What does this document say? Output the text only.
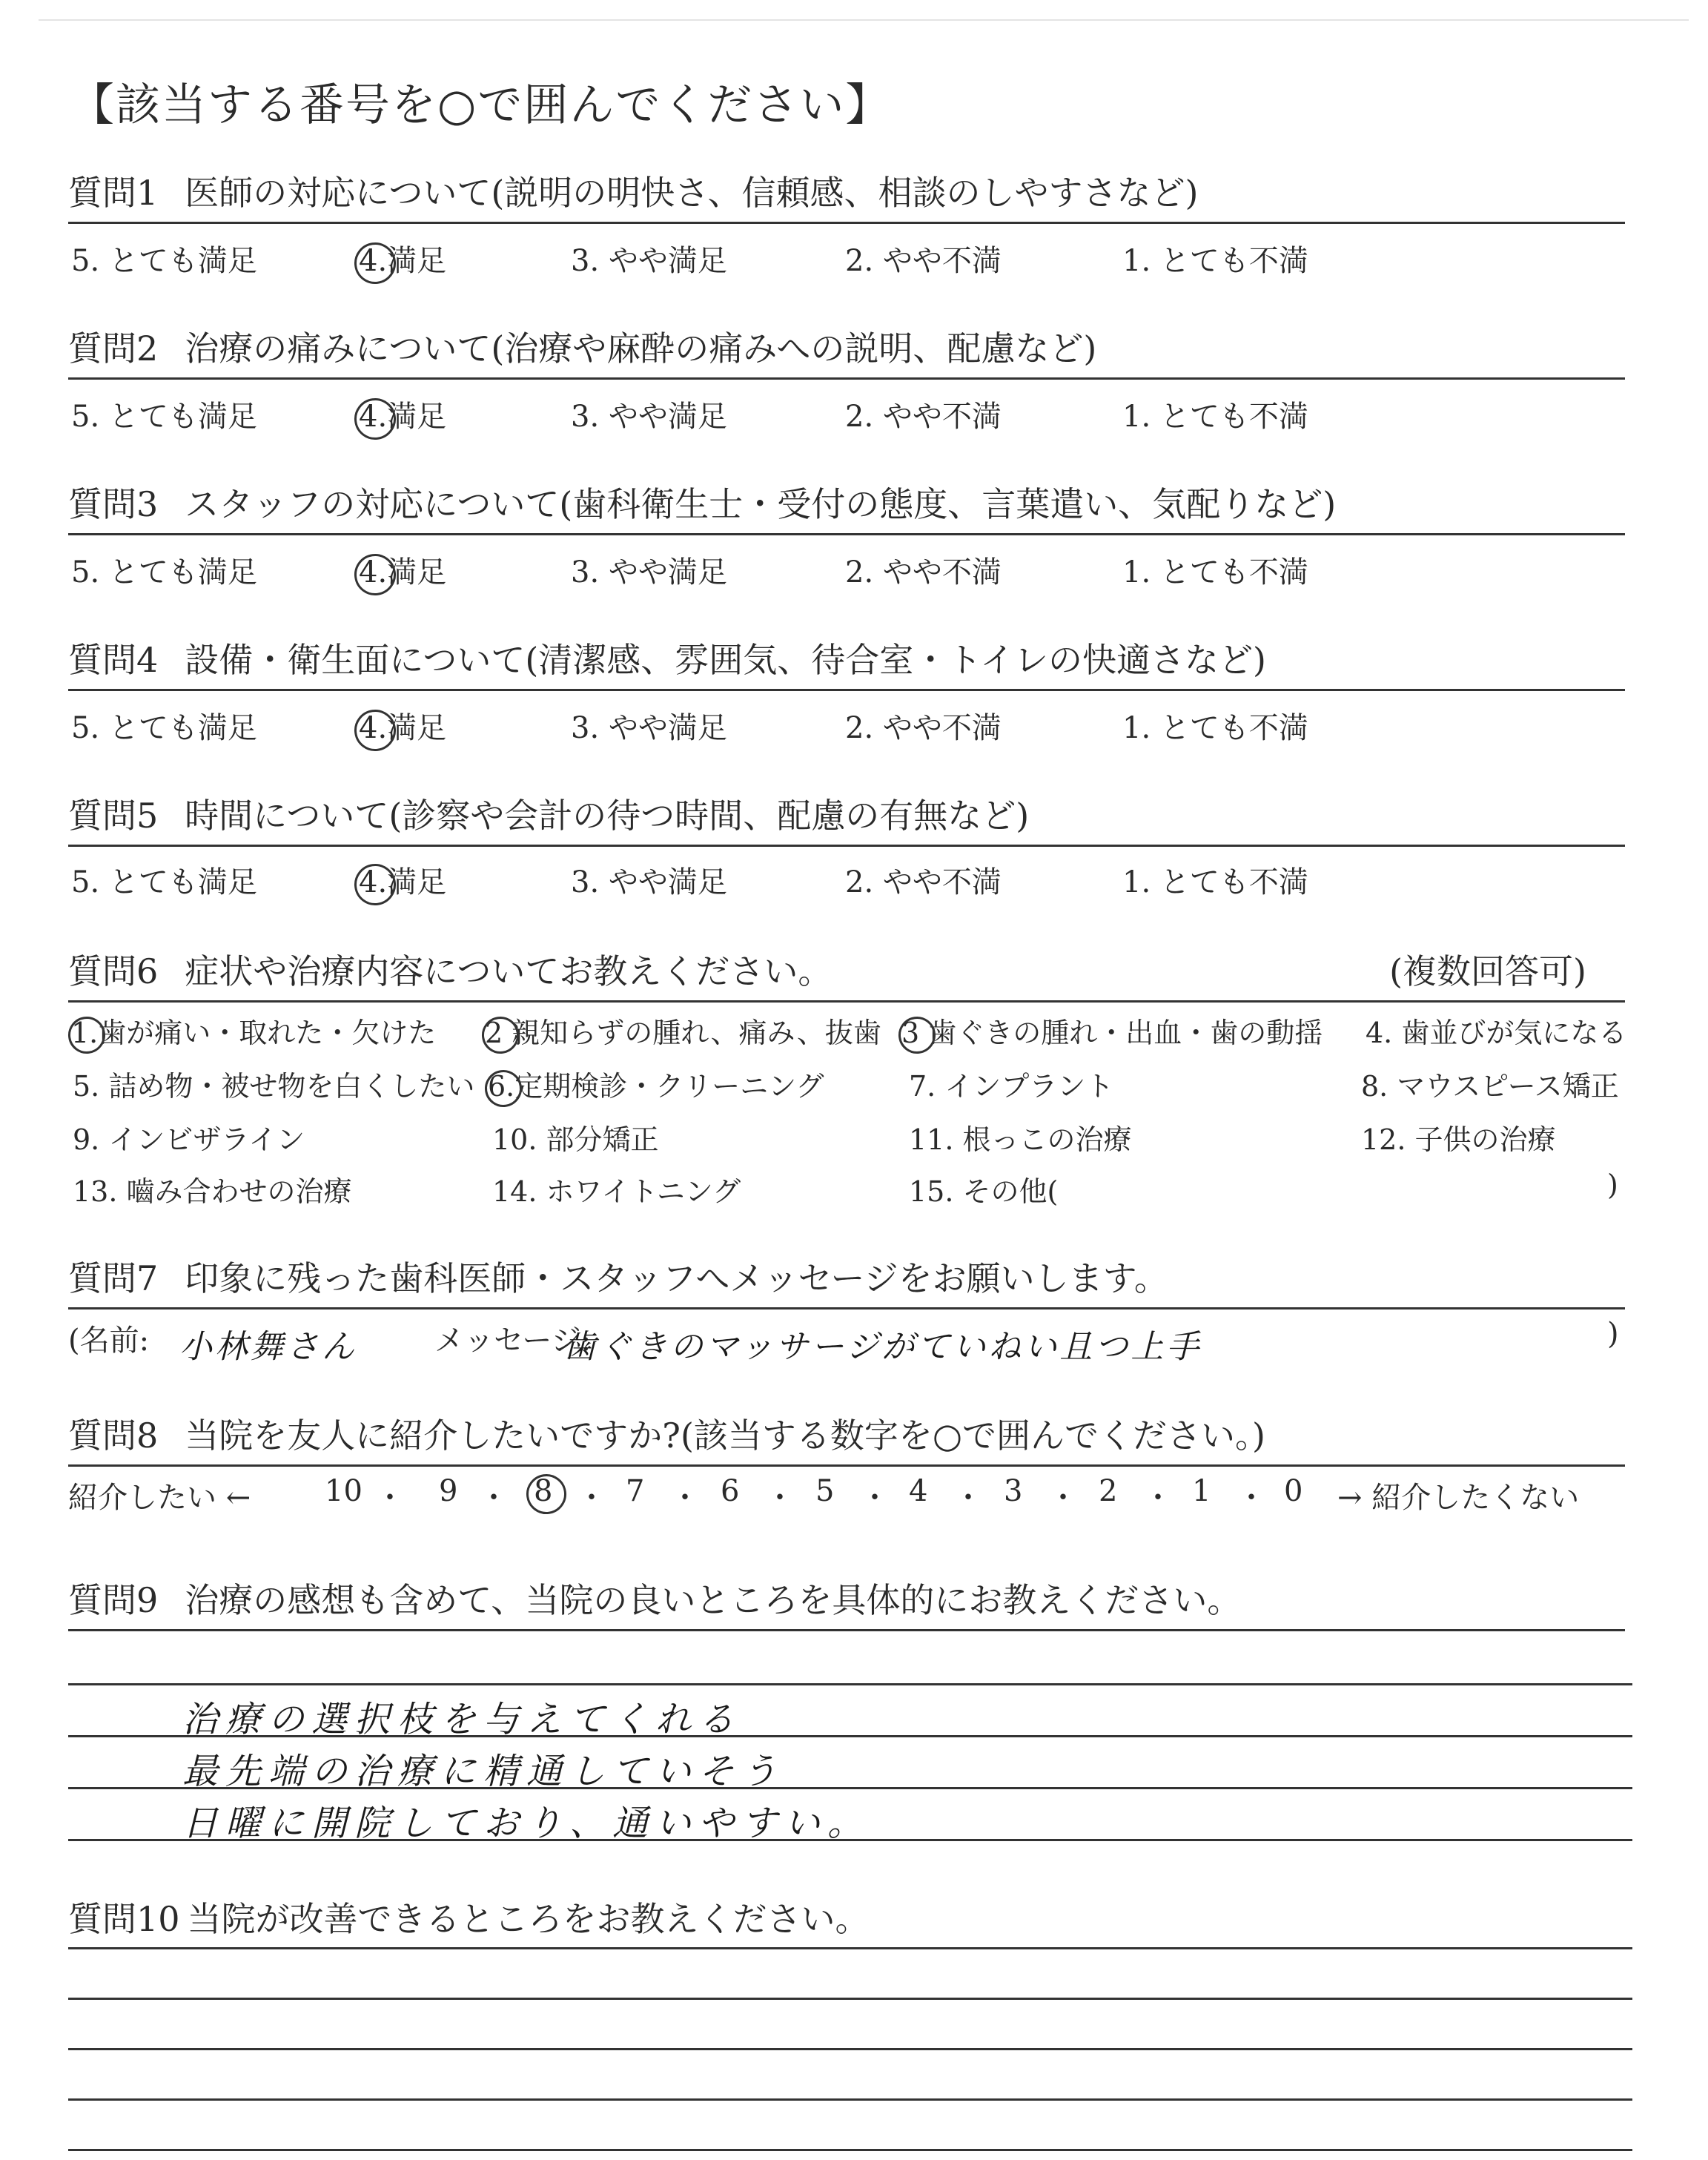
【該当する番号を○で囲んでください】
質問1 医師の対応について(説明の明快さ、信頼感、相談のしやすさなど)
5. とても満足	4.満足	3. やや満足	2. やや不満	1. とても不満
質問2 治療の痛みについて(治療や麻酔の痛みへの説明、配慮など)
5. とても満足	4.満足	3. やや満足	2. やや不満	1. とても不満
質問3 スタッフの対応について(歯科衛生士・受付の態度、言葉遣い、気配りなど)
5. とても満足	4.満足	3. やや満足	2. やや不満	1. とても不満
質問4 設備・衛生面について(清潔感、雰囲気、待合室・トイレの快適さなど)
5. とても満足	4.満足	3. やや満足	2. やや不満	1. とても不満
質問5 時間について(診察や会計の待つ時間、配慮の有無など)
5. とても満足	4.満足	3. やや満足	2. やや不満	1. とても不満
質問6 症状や治療内容についてお教えください。	(複数回答可)
1.歯が痛い・取れた・欠けた 2 親知らずの腫れ、痛み、抜歯 3 歯ぐきの腫れ・出血・歯の動揺 4. 歯並びが気になる
5. 詰め物・被せ物を白くしたい 6.定期検診・クリーニング	7. インプラント	8. マウスピース矯正
9. インビザライン	10. 部分矯正	11. 根っこの治療	12. 子供の治療
13. 嚙み合わせの治療	14. ホワイトニング	15. その他(	)
質問7 印象に残った歯科医師・スタッフへメッセージをお願いします。
(名前: 小林舞さん	メッセージ:
歯ぐきのマッサージがていねい且つ上手	)
質問8 当院を友人に紹介したいですか?(該当する数字を○で囲んでください。)
紹介したい ← 10 ・ 9 ・ 8 ・ 7 ・ 6 ・ 5 ・ 4 ・ 3 ・ 2 ・ 1 ・ 0 → 紹介したくない
質問9 治療の感想も含めて、当院の良いところを具体的にお教えください。
治療の選択枝を与えてくれる
最先端の治療に精通していそう
日曜に開院しており、通いやすい。
質問10 当院が改善できるところをお教えください。
